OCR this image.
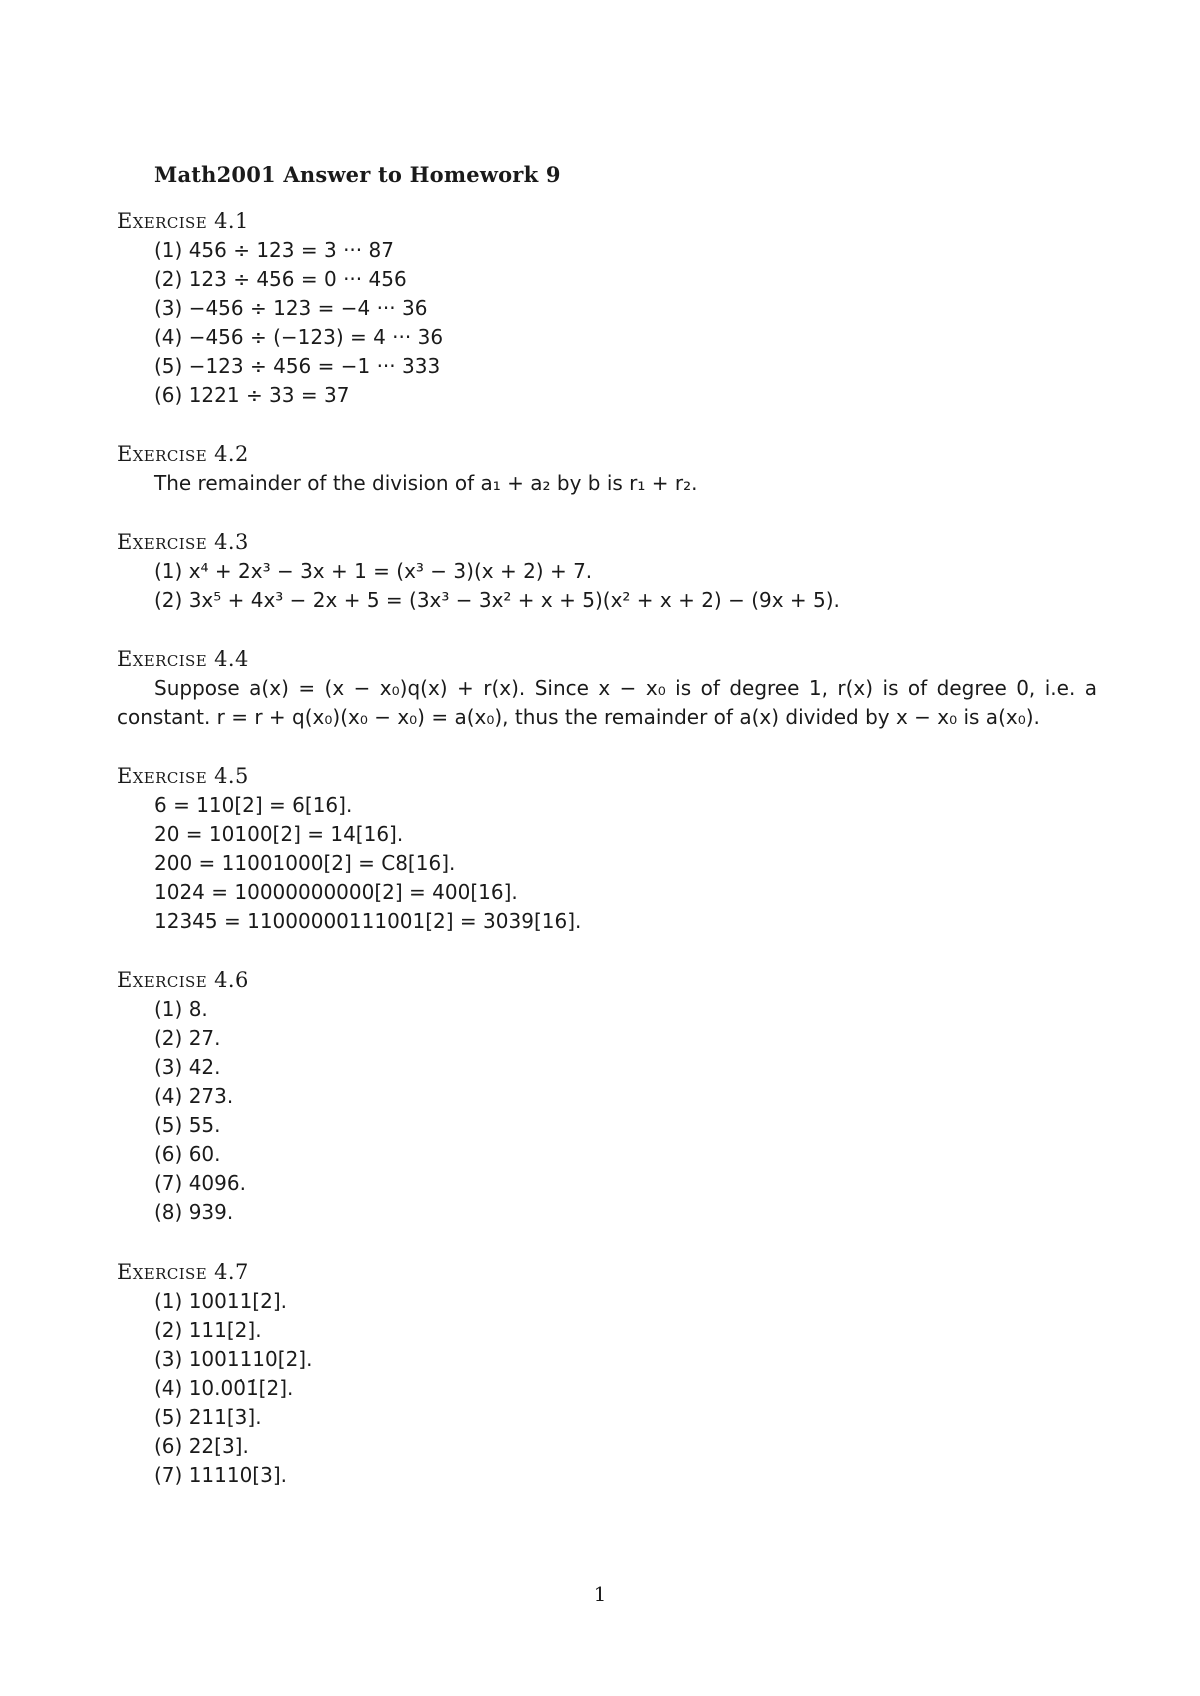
Math2001 Answer to Homework 9
Exercise 4.1
(1) 456 ÷ 123 = 3 ··· 87
(2) 123 ÷ 456 = 0 ··· 456
(3) −456 ÷ 123 = −4 ··· 36
(4) −456 ÷ (−123) = 4 ··· 36
(5) −123 ÷ 456 = −1 ··· 333
(6) 1221 ÷ 33 = 37
Exercise 4.2
The remainder of the division of a₁ + a₂ by b is r₁ + r₂.
Exercise 4.3
(1) x⁴ + 2x³ − 3x + 1 = (x³ − 3)(x + 2) + 7.
(2) 3x⁵ + 4x³ − 2x + 5 = (3x³ − 3x² + x + 5)(x² + x + 2) − (9x + 5).
Exercise 4.4
Suppose a(x) = (x − x₀)q(x) + r(x). Since x − x₀ is of degree 1, r(x) is of degree 0, i.e. a constant. r = r + q(x₀)(x₀ − x₀) = a(x₀), thus the remainder of a(x) divided by x − x₀ is a(x₀).
Exercise 4.5
6 = 110[2] = 6[16].
20 = 10100[2] = 14[16].
200 = 11001000[2] = C8[16].
1024 = 10000000000[2] = 400[16].
12345 = 11000000111001[2] = 3039[16].
Exercise 4.6
(1) 8.
(2) 27.
(3) 42.
(4) 273.
(5) 55.
(6) 60.
(7) 4096.
(8) 939.
Exercise 4.7
(1) 10011[2].
(2) 111[2].
(3) 1001110[2].
(4) 10.00̇1̇[2].
(5) 211[3].
(6) 22[3].
(7) 11110[3].
1
